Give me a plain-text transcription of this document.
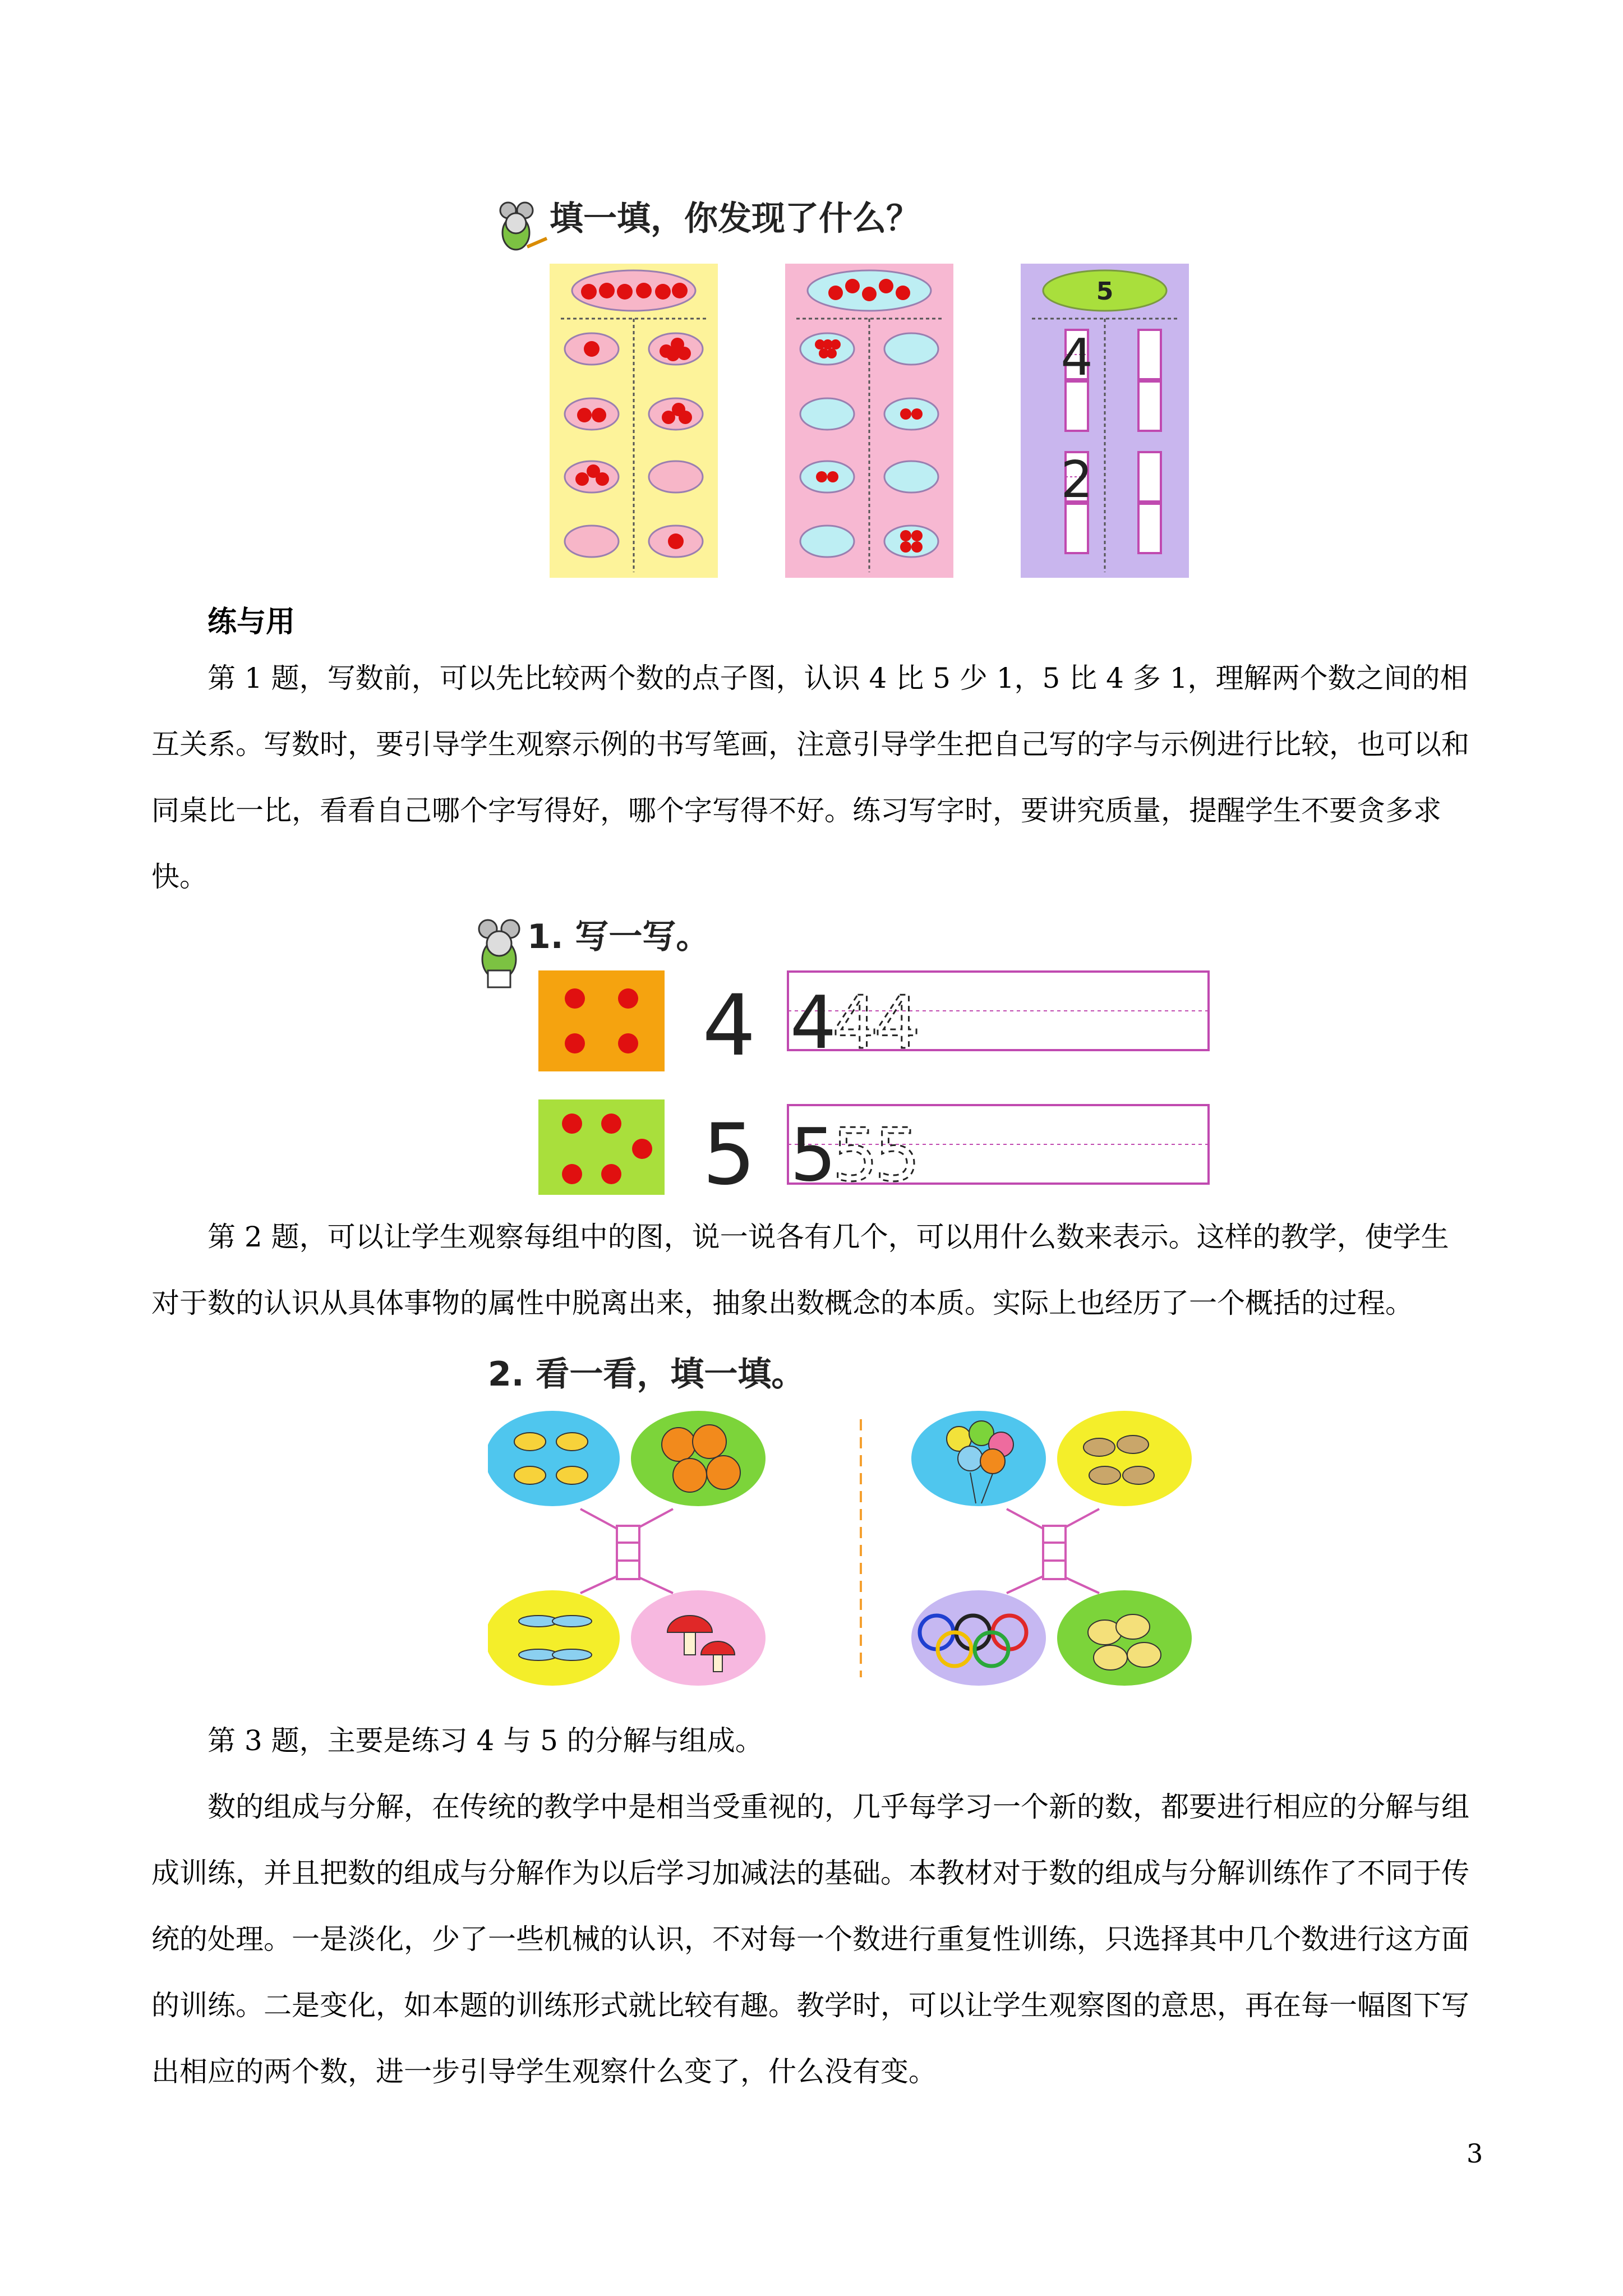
填一填，你发现了什么？
5
4
2
练与用

第 1 题，写数前，可以先比较两个数的点子图，认识 4 比 5 少 1，5 比 4 多 1，理解两个数之间的相互关系。写数时，要引导学生观察示例的书写笔画，注意引导学生把自己写的字与示例进行比较，也可以和同桌比一比，看看自己哪个字写得好，哪个字写得不好。练习写字时，要讲究质量，提醒学生不要贪多求快。

1. 写一写。
4 4
4
4
5 5
5
5

第 2 题，可以让学生观察每组中的图，说一说各有几个，可以用什么数来表示。这样的教学，使学生对于数的认识从具体事物的属性中脱离出来，抽象出数概念的本质。实际上也经历了一个概括的过程。

2. 看一看，填一填。

第 3 题，主要是练习 4 与 5 的分解与组成。

数的组成与分解，在传统的教学中是相当受重视的，几乎每学习一个新的数，都要进行相应的分解与组成训练，并且把数的组成与分解作为以后学习加减法的基础。本教材对于数的组成与分解训练作了不同于传统的处理。一是淡化，少了一些机械的认识，不对每一个数进行重复性训练，只选择其中几个数进行这方面的训练。二是变化，如本题的训练形式就比较有趣。教学时，可以让学生观察图的意思，再在每一幅图下写出相应的两个数，进一步引导学生观察什么变了，什么没有变。

3
